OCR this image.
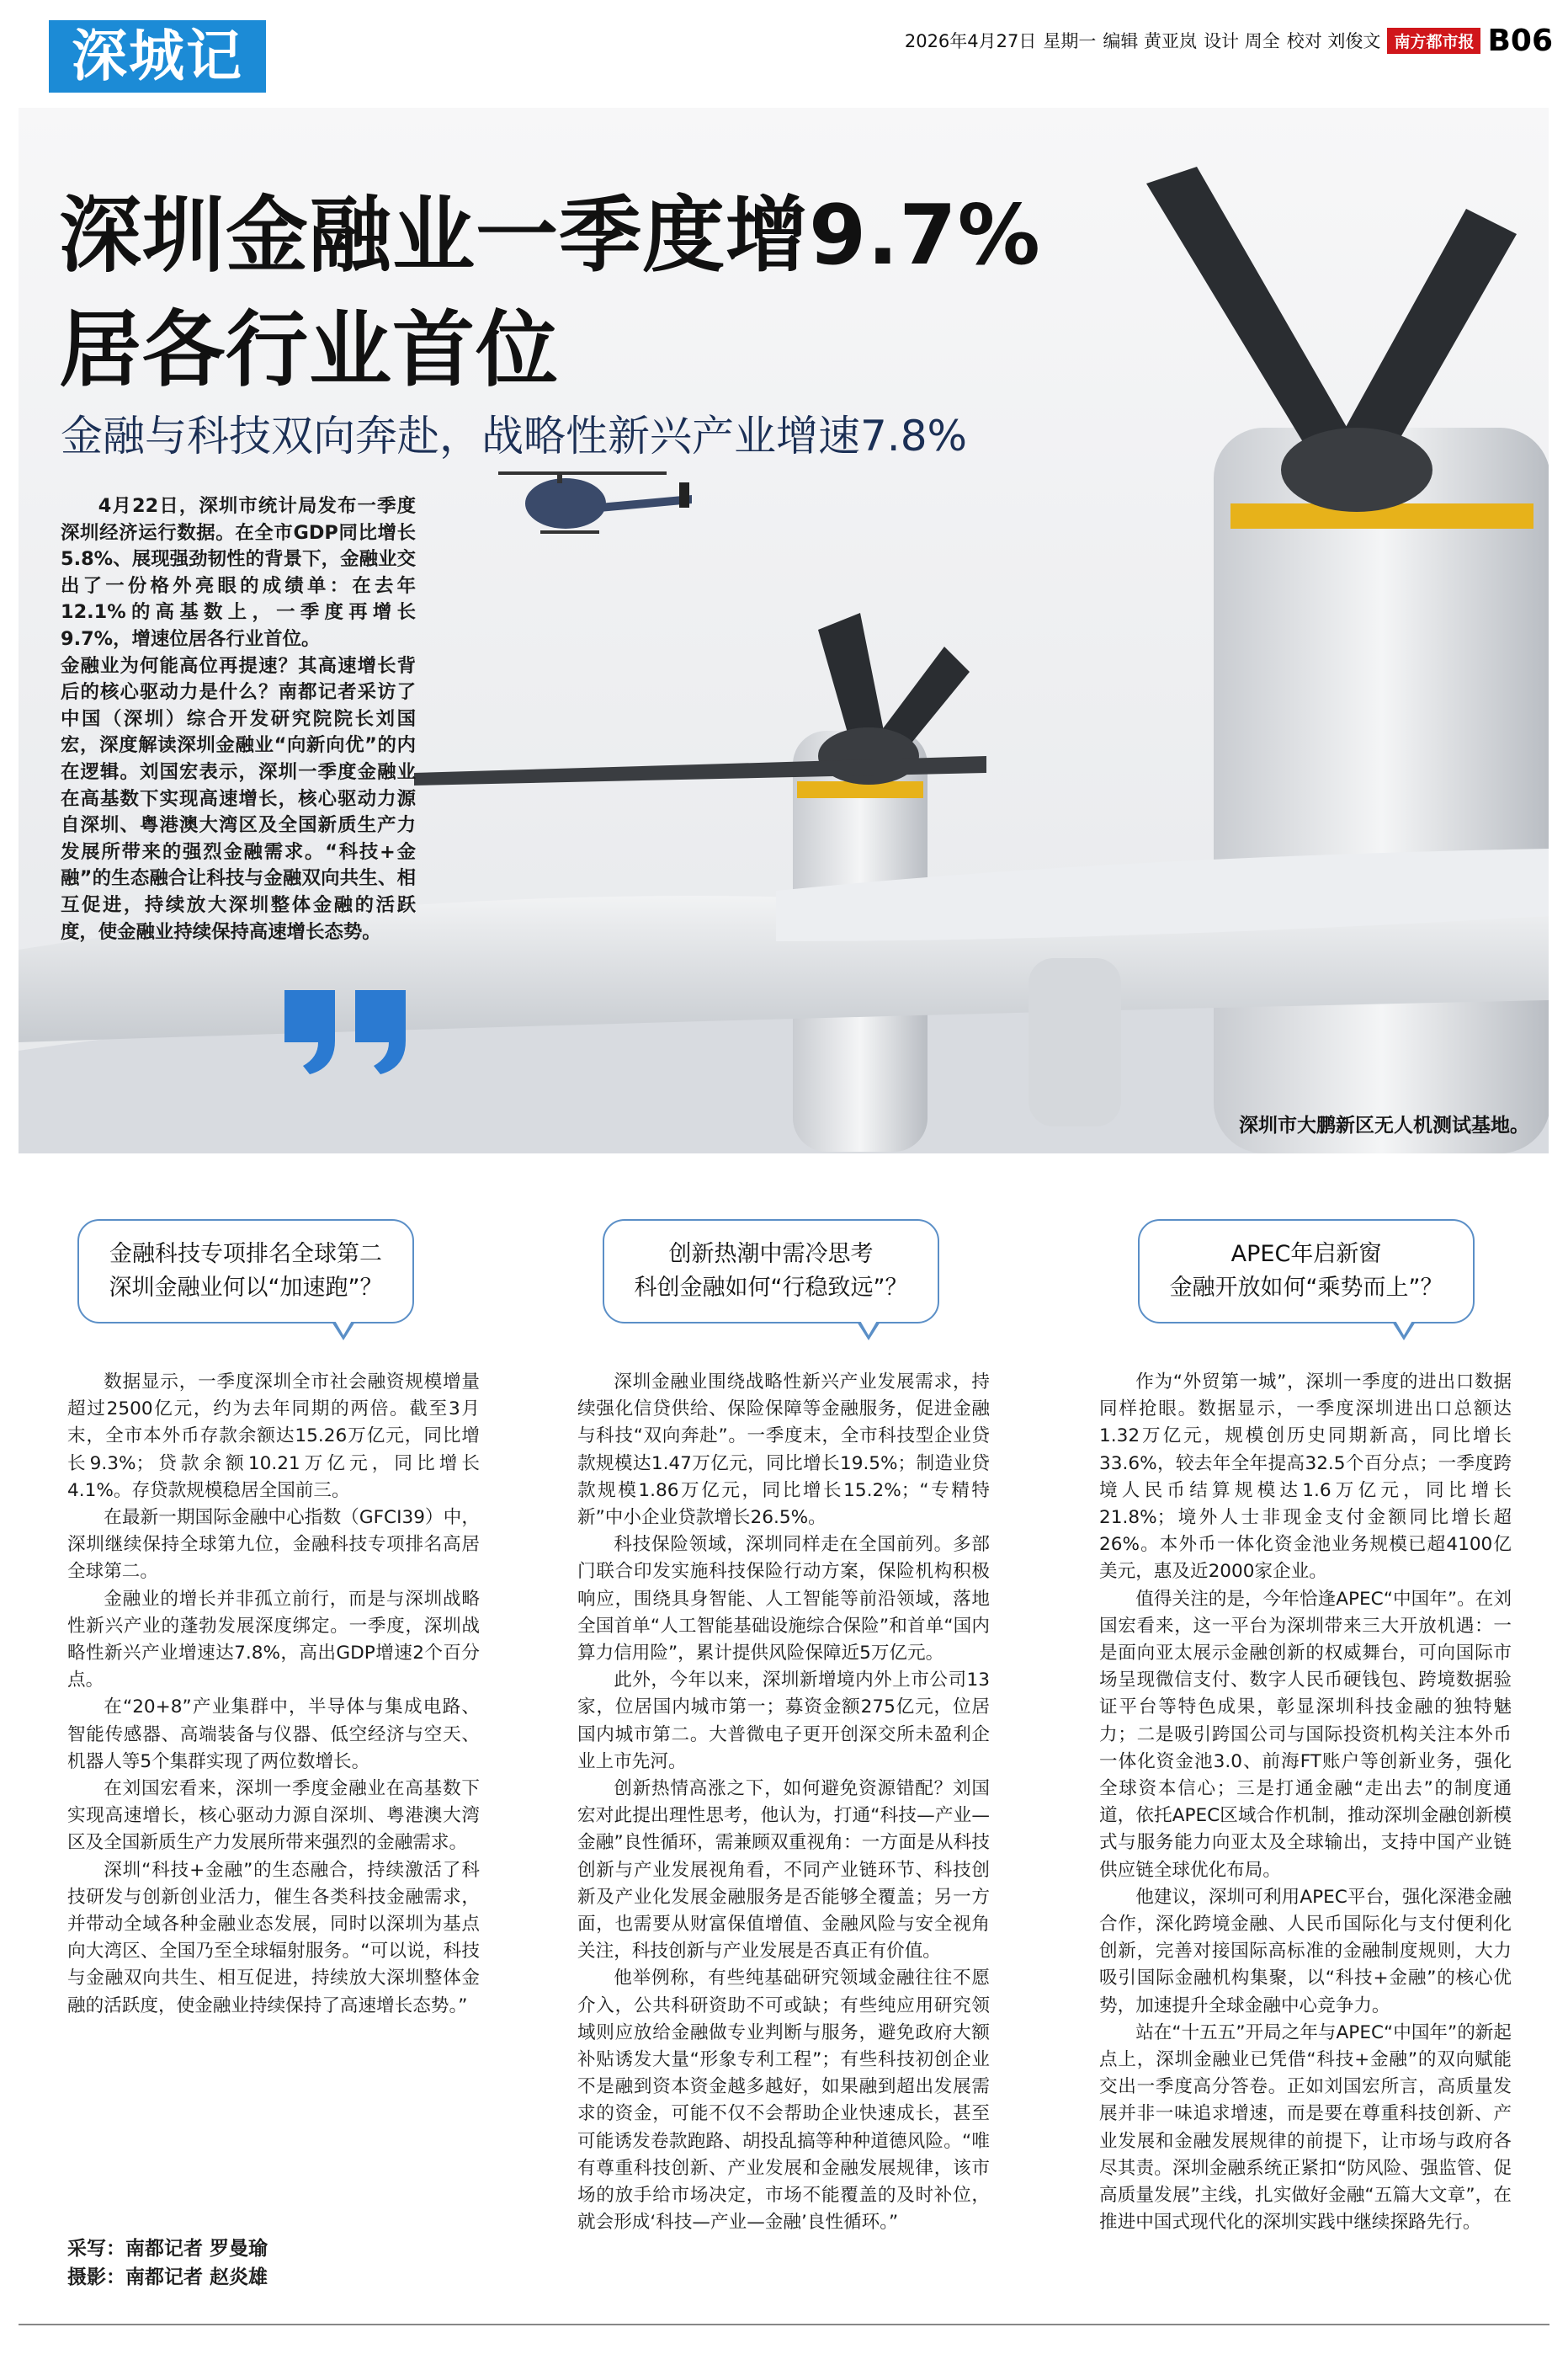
深城记	2026年4月27日 星期一 编辑 黄亚岚 设计 周全 校对 刘俊文 南方都市报 B06
深圳金融业一季度增9.7%
居各行业首位
金融与科技双向奔赴，战略性新兴产业增速7.8%

4月22日，深圳市统计局发布一季度深圳经济运行数据。在全市GDP同比增长5.8%、展现强劲韧性的背景下，金融业交出了一份格外亮眼的成绩单：在去年12.1%的高基数上，一季度再增长9.7%，增速位居各行业首位。

金融业为何能高位再提速？其高速增长背后的核心驱动力是什么？南都记者采访了中国（深圳）综合开发研究院院长刘国宏，深度解读深圳金融业“向新向优”的内在逻辑。刘国宏表示，深圳一季度金融业在高基数下实现高速增长，核心驱动力源自深圳、粤港澳大湾区及全国新质生产力发展所带来的强烈金融需求。“科技+金融”的生态融合让科技与金融双向共生、相互促进，持续放大深圳整体金融的活跃度，使金融业持续保持高速增长态势。

深圳市大鹏新区无人机测试基地。
金融科技专项排名全球第二
深圳金融业何以“加速跑”？
创新热潮中需冷思考
科创金融如何“行稳致远”？
APEC年启新窗
金融开放如何“乘势而上”？

数据显示，一季度深圳全市社会融资规模增量超过2500亿元，约为去年同期的两倍。截至3月末，全市本外币存款余额达15.26万亿元，同比增长9.3%；贷款余额10.21万亿元，同比增长4.1%。存贷款规模稳居全国前三。

在最新一期国际金融中心指数（GFCI39）中，深圳继续保持全球第九位，金融科技专项排名高居全球第二。

金融业的增长并非孤立前行，而是与深圳战略性新兴产业的蓬勃发展深度绑定。一季度，深圳战略性新兴产业增速达7.8%，高出GDP增速2个百分点。

在“20+8”产业集群中，半导体与集成电路、智能传感器、高端装备与仪器、低空经济与空天、机器人等5个集群实现了两位数增长。

在刘国宏看来，深圳一季度金融业在高基数下实现高速增长，核心驱动力源自深圳、粤港澳大湾区及全国新质生产力发展所带来强烈的金融需求。

深圳“科技+金融”的生态融合，持续激活了科技研发与创新创业活力，催生各类科技金融需求，并带动全域各种金融业态发展，同时以深圳为基点向大湾区、全国乃至全球辐射服务。“可以说，科技与金融双向共生、相互促进，持续放大深圳整体金融的活跃度，使金融业持续保持了高速增长态势。”

深圳金融业围绕战略性新兴产业发展需求，持续强化信贷供给、保险保障等金融服务，促进金融与科技“双向奔赴”。一季度末，全市科技型企业贷款规模达1.47万亿元，同比增长19.5%；制造业贷款规模1.86万亿元，同比增长15.2%；“专精特新”中小企业贷款增长26.5%。

科技保险领域，深圳同样走在全国前列。多部门联合印发实施科技保险行动方案，保险机构积极响应，围绕具身智能、人工智能等前沿领域，落地全国首单“人工智能基础设施综合保险”和首单“国内算力信用险”，累计提供风险保障近5万亿元。

此外，今年以来，深圳新增境内外上市公司13家，位居国内城市第一；募资金额275亿元，位居国内城市第二。大普微电子更开创深交所未盈利企业上市先河。

创新热情高涨之下，如何避免资源错配？刘国宏对此提出理性思考，他认为，打通“科技—产业—金融”良性循环，需兼顾双重视角：一方面是从科技创新与产业发展视角看，不同产业链环节、科技创新及产业化发展金融服务是否能够全覆盖；另一方面，也需要从财富保值增值、金融风险与安全视角关注，科技创新与产业发展是否真正有价值。

他举例称，有些纯基础研究领域金融往往不愿介入，公共科研资助不可或缺；有些纯应用研究领域则应放给金融做专业判断与服务，避免政府大额补贴诱发大量“形象专利工程”；有些科技初创企业不是融到资本资金越多越好，如果融到超出发展需求的资金，可能不仅不会帮助企业快速成长，甚至可能诱发卷款跑路、胡投乱搞等种种道德风险。“唯有尊重科技创新、产业发展和金融发展规律，该市场的放手给市场决定，市场不能覆盖的及时补位，就会形成‘科技—产业—金融’良性循环。”

作为“外贸第一城”，深圳一季度的进出口数据同样抢眼。数据显示，一季度深圳进出口总额达1.32万亿元，规模创历史同期新高，同比增长33.6%，较去年全年提高32.5个百分点；一季度跨境人民币结算规模达1.6万亿元，同比增长21.8%；境外人士非现金支付金额同比增长超26%。本外币一体化资金池业务规模已超4100亿美元，惠及近2000家企业。

值得关注的是，今年恰逢APEC“中国年”。在刘国宏看来，这一平台为深圳带来三大开放机遇：一是面向亚太展示金融创新的权威舞台，可向国际市场呈现微信支付、数字人民币硬钱包、跨境数据验证平台等特色成果，彰显深圳科技金融的独特魅力；二是吸引跨国公司与国际投资机构关注本外币一体化资金池3.0、前海FT账户等创新业务，强化全球资本信心；三是打通金融“走出去”的制度通道，依托APEC区域合作机制，推动深圳金融创新模式与服务能力向亚太及全球输出，支持中国产业链供应链全球优化布局。

他建议，深圳可利用APEC平台，强化深港金融合作，深化跨境金融、人民币国际化与支付便利化创新，完善对接国际高标准的金融制度规则，大力吸引国际金融机构集聚，以“科技+金融”的核心优势，加速提升全球金融中心竞争力。

站在“十五五”开局之年与APEC“中国年”的新起点上，深圳金融业已凭借“科技+金融”的双向赋能交出一季度高分答卷。正如刘国宏所言，高质量发展并非一味追求增速，而是要在尊重科技创新、产业发展和金融发展规律的前提下，让市场与政府各尽其责。深圳金融系统正紧扣“防风险、强监管、促高质量发展”主线，扎实做好金融“五篇大文章”，在推进中国式现代化的深圳实践中继续探路先行。

采写：南都记者 罗曼瑜
摄影：南都记者 赵炎雄
